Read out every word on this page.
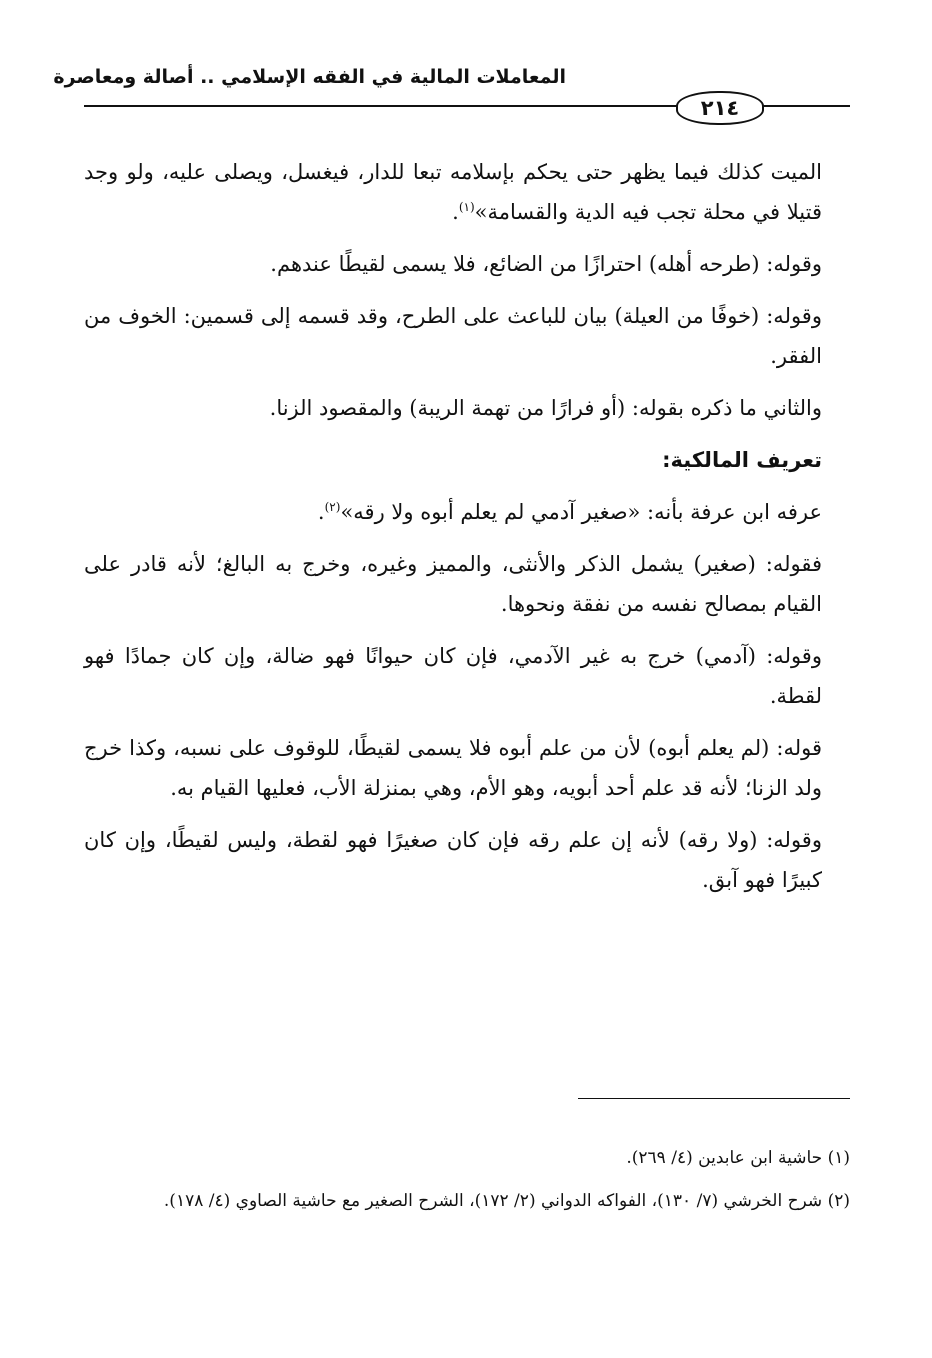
المعاملات المالية في الفقه الإسلامي .. أصالة ومعاصرة
٢١٤

الميت كذلك فيما يظهر حتى يحكم بإسلامه تبعا للدار، فيغسل، ويصلى عليه، ولو وجد قتيلا في محلة تجب فيه الدية والقسامة»$^{(١)}$.

وقوله: (طرحه أهله) احترازًا من الضائع، فلا يسمى لقيطًا عندهم.

وقوله: (خوفًا من العيلة) بيان للباعث على الطرح، وقد قسمه إلى قسمين: الخوف من الفقر.

والثاني ما ذكره بقوله: (أو فرارًا من تهمة الريبة) والمقصود الزنا.

تعريف المالكية:

عرفه ابن عرفة بأنه: «صغير آدمي لم يعلم أبوه ولا رقه»$^{(٢)}$.

فقوله: (صغير) يشمل الذكر والأنثى، والمميز وغيره، وخرج به البالغ؛ لأنه قادر على القيام بمصالح نفسه من نفقة ونحوها.

وقوله: (آدمي) خرج به غير الآدمي، فإن كان حيوانًا فهو ضالة، وإن كان جمادًا فهو لقطة.

قوله: (لم يعلم أبوه) لأن من علم أبوه فلا يسمى لقيطًا، للوقوف على نسبه، وكذا خرج ولد الزنا؛ لأنه قد علم أحد أبويه، وهو الأم، وهي بمنزلة الأب، فعليها القيام به.

وقوله: (ولا رقه) لأنه إن علم رقه فإن كان صغيرًا فهو لقطة، وليس لقيطًا، وإن كان كبيرًا فهو آبق.

(١) حاشية ابن عابدين (٤/ ٢٦٩).

(٢) شرح الخرشي (٧/ ١٣٠)، الفواكه الدواني (٢/ ١٧٢)، الشرح الصغير مع حاشية الصاوي (٤/ ١٧٨).
